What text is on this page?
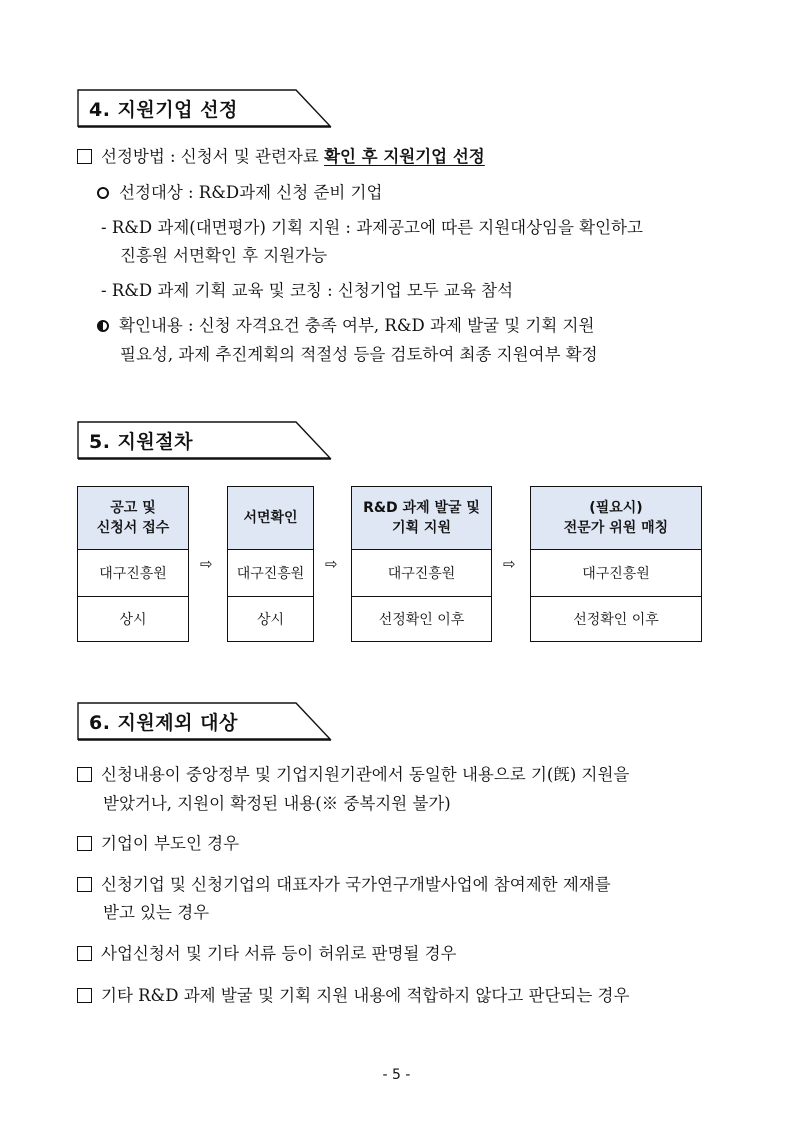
4. 지원기업 선정
선정방법 : 신청서 및 관련자료 확인 후 지원기업 선정
선정대상 : R&D과제 신청 준비 기업
- R&D 과제(대면평가) 기획 지원 : 과제공고에 따른 지원대상임을 확인하고
진흥원 서면확인 후 지원가능
- R&D 과제 기획 교육 및 코칭 : 신청기업 모두 교육 참석
확인내용 : 신청 자격요건 충족 여부, R&D 과제 발굴 및 기획 지원
필요성, 과제 추진계획의 적절성 등을 검토하여 최종 지원여부 확정
5. 지원절차
공고 및
신청서 접수
대구진흥원
상시
⇨
서면확인
대구진흥원
상시
⇨
R&D 과제 발굴 및
기획 지원
대구진흥원
선정확인 이후
⇨
(필요시)
전문가 위원 매칭
대구진흥원
선정확인 이후
6. 지원제외 대상
신청내용이 중앙정부 및 기업지원기관에서 동일한 내용으로 기(旣) 지원을
받았거나, 지원이 확정된 내용(※ 중복지원 불가)
기업이 부도인 경우
신청기업 및 신청기업의 대표자가 국가연구개발사업에 참여제한 제재를
받고 있는 경우
사업신청서 및 기타 서류 등이 허위로 판명될 경우
기타 R&D 과제 발굴 및 기획 지원 내용에 적합하지 않다고 판단되는 경우
- 5 -
